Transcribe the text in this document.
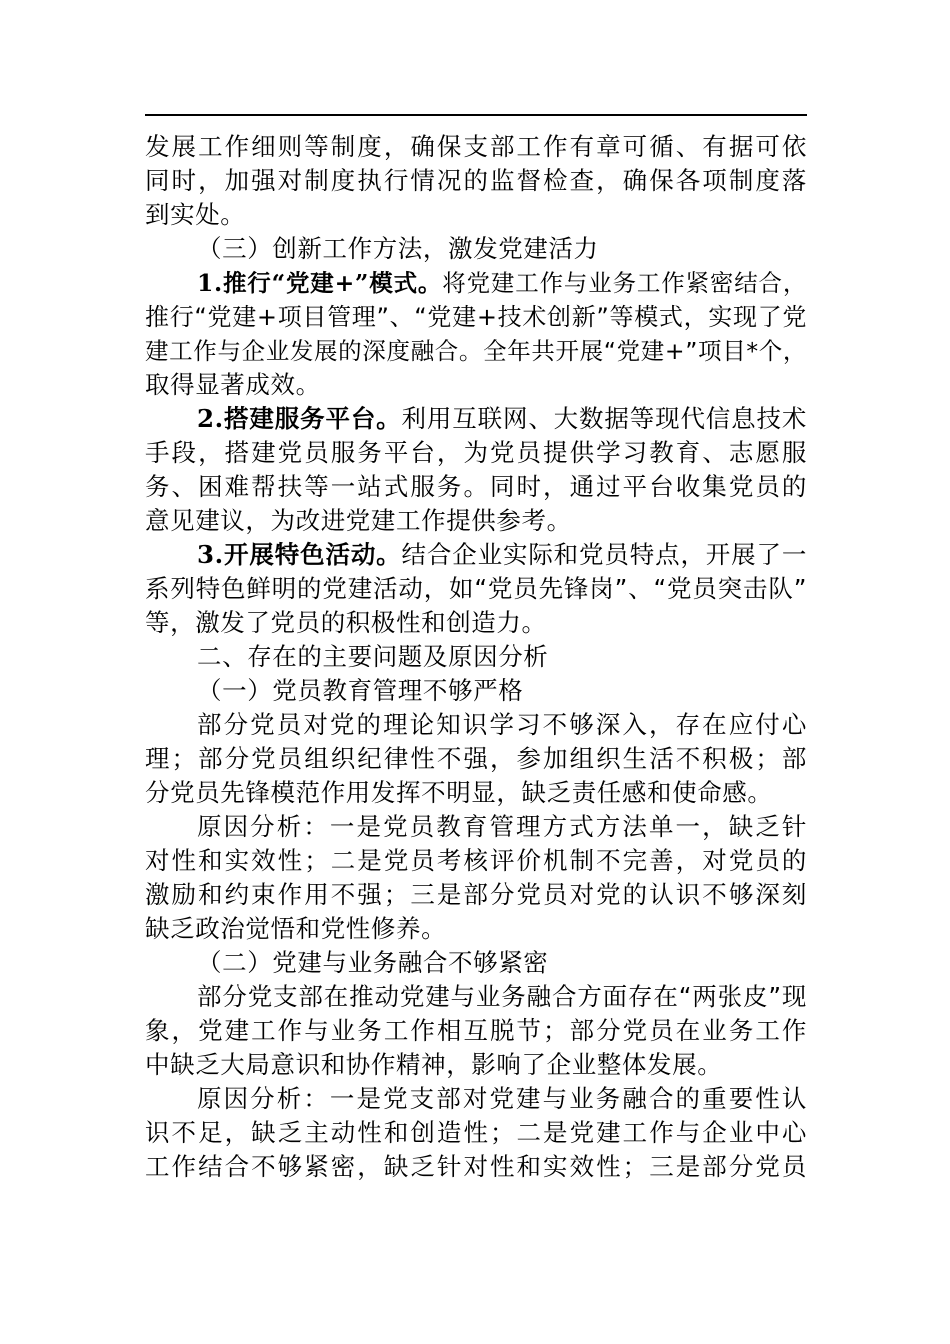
发展工作细则等制度，确保支部工作有章可循、有据可依
同时，加强对制度执行情况的监督检查，确保各项制度落
到实处。
（三）创新工作方法，激发党建活力
1.推行“党建+”模式。将党建工作与业务工作紧密结合，
推行“党建+项目管理”、“党建+技术创新”等模式，实现了党
建工作与企业发展的深度融合。全年共开展“党建+”项目*个，
取得显著成效。
2.搭建服务平台。利用互联网、大数据等现代信息技术
手段，搭建党员服务平台，为党员提供学习教育、志愿服
务、困难帮扶等一站式服务。同时，通过平台收集党员的
意见建议，为改进党建工作提供参考。
3.开展特色活动。结合企业实际和党员特点，开展了一
系列特色鲜明的党建活动，如“党员先锋岗”、“党员突击队”
等，激发了党员的积极性和创造力。
二、存在的主要问题及原因分析
（一）党员教育管理不够严格
部分党员对党的理论知识学习不够深入，存在应付心
理；部分党员组织纪律性不强，参加组织生活不积极；部
分党员先锋模范作用发挥不明显，缺乏责任感和使命感。
原因分析：一是党员教育管理方式方法单一，缺乏针
对性和实效性；二是党员考核评价机制不完善，对党员的
激励和约束作用不强；三是部分党员对党的认识不够深刻
缺乏政治觉悟和党性修养。
（二）党建与业务融合不够紧密
部分党支部在推动党建与业务融合方面存在“两张皮”现
象，党建工作与业务工作相互脱节；部分党员在业务工作
中缺乏大局意识和协作精神，影响了企业整体发展。
原因分析：一是党支部对党建与业务融合的重要性认
识不足，缺乏主动性和创造性；二是党建工作与企业中心
工作结合不够紧密，缺乏针对性和实效性；三是部分党员
